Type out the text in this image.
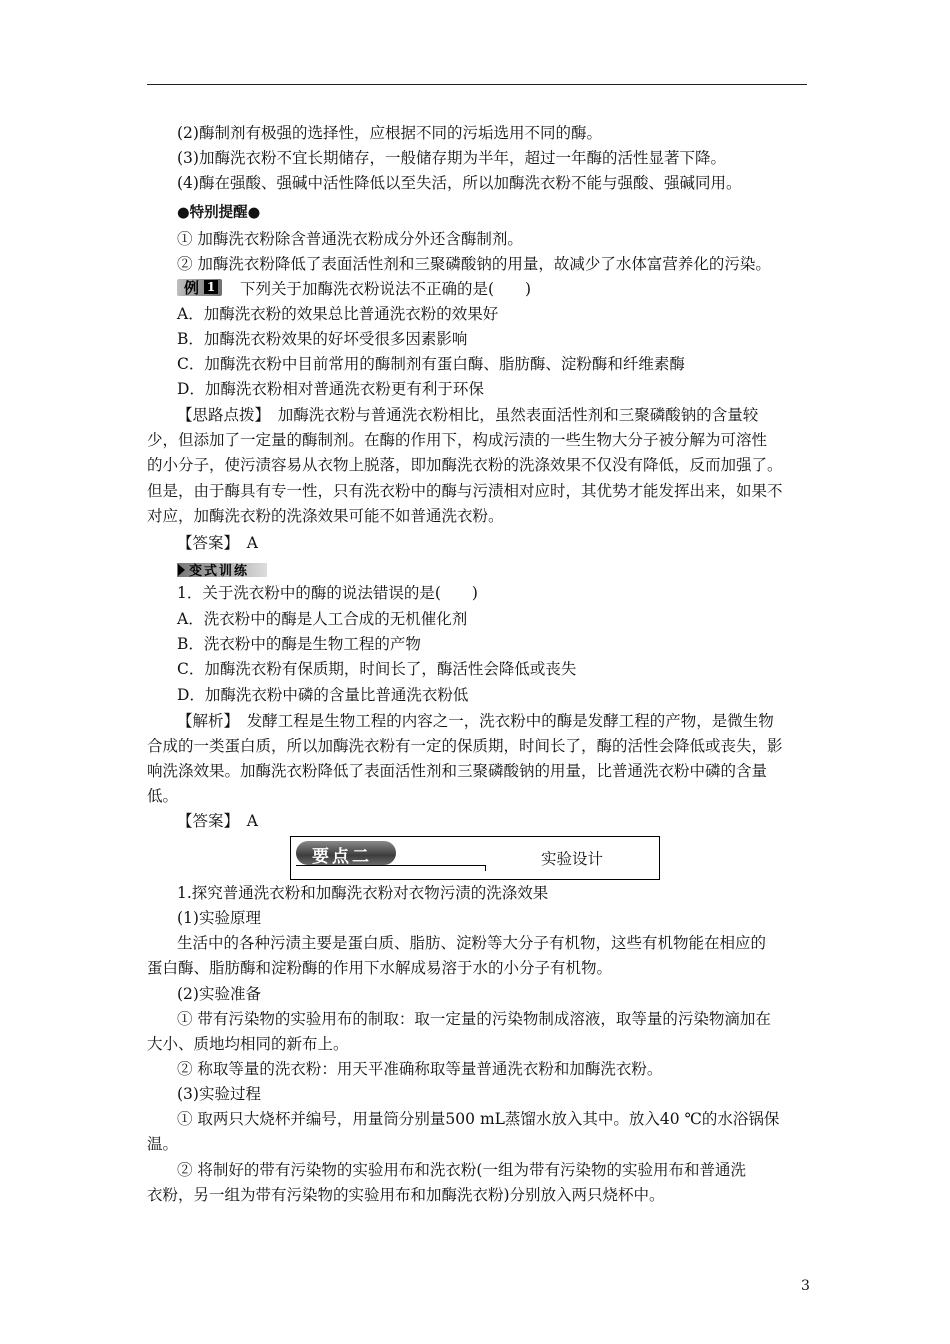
(2)酶制剂有极强的选择性，应根据不同的污垢选用不同的酶。
(3)加酶洗衣粉不宜长期储存，一般储存期为半年，超过一年酶的活性显著下降。
(4)酶在强酸、强碱中活性降低以至失活，所以加酶洗衣粉不能与强酸、强碱同用。
●特别提醒●
① 加酶洗衣粉除含普通洗衣粉成分外还含酶制剂。
② 加酶洗衣粉降低了表面活性剂和三聚磷酸钠的用量，故减少了水体富营养化的污染。
例 1 下列关于加酶洗衣粉说法不正确的是(　　)
A．加酶洗衣粉的效果总比普通洗衣粉的效果好
B．加酶洗衣粉效果的好坏受很多因素影响
C．加酶洗衣粉中目前常用的酶制剂有蛋白酶、脂肪酶、淀粉酶和纤维素酶
D．加酶洗衣粉相对普通洗衣粉更有利于环保
【思路点拨】　加酶洗衣粉与普通洗衣粉相比，虽然表面活性剂和三聚磷酸钠的含量较
少，但添加了一定量的酶制剂。在酶的作用下，构成污渍的一些生物大分子被分解为可溶性
的小分子，使污渍容易从衣物上脱落，即加酶洗衣粉的洗涤效果不仅没有降低，反而加强了。
但是，由于酶具有专一性，只有洗衣粉中的酶与污渍相对应时，其优势才能发挥出来，如果不
对应，加酶洗衣粉的洗涤效果可能不如普通洗衣粉。
【答案】　A
变式训练
1．关于洗衣粉中的酶的说法错误的是(　　)
A．洗衣粉中的酶是人工合成的无机催化剂
B．洗衣粉中的酶是生物工程的产物
C．加酶洗衣粉有保质期，时间长了，酶活性会降低或丧失
D．加酶洗衣粉中磷的含量比普通洗衣粉低
【解析】　发酵工程是生物工程的内容之一，洗衣粉中的酶是发酵工程的产物，是微生物
合成的一类蛋白质，所以加酶洗衣粉有一定的保质期，时间长了，酶的活性会降低或丧失，影
响洗涤效果。加酶洗衣粉降低了表面活性剂和三聚磷酸钠的用量，比普通洗衣粉中磷的含量
低。
【答案】　A
要点二	实验设计
1.探究普通洗衣粉和加酶洗衣粉对衣物污渍的洗涤效果
(1)实验原理
生活中的各种污渍主要是蛋白质、脂肪、淀粉等大分子有机物，这些有机物能在相应的
蛋白酶、脂肪酶和淀粉酶的作用下水解成易溶于水的小分子有机物。
(2)实验准备
① 带有污染物的实验用布的制取：取一定量的污染物制成溶液，取等量的污染物滴加在
大小、质地均相同的新布上。
② 称取等量的洗衣粉：用天平准确称取等量普通洗衣粉和加酶洗衣粉。
(3)实验过程
① 取两只大烧杯并编号，用量筒分别量500 mL蒸馏水放入其中。放入40 ℃的水浴锅保
温。
② 将制好的带有污染物的实验用布和洗衣粉(一组为带有污染物的实验用布和普通洗
衣粉，另一组为带有污染物的实验用布和加酶洗衣粉)分别放入两只烧杯中。
3
